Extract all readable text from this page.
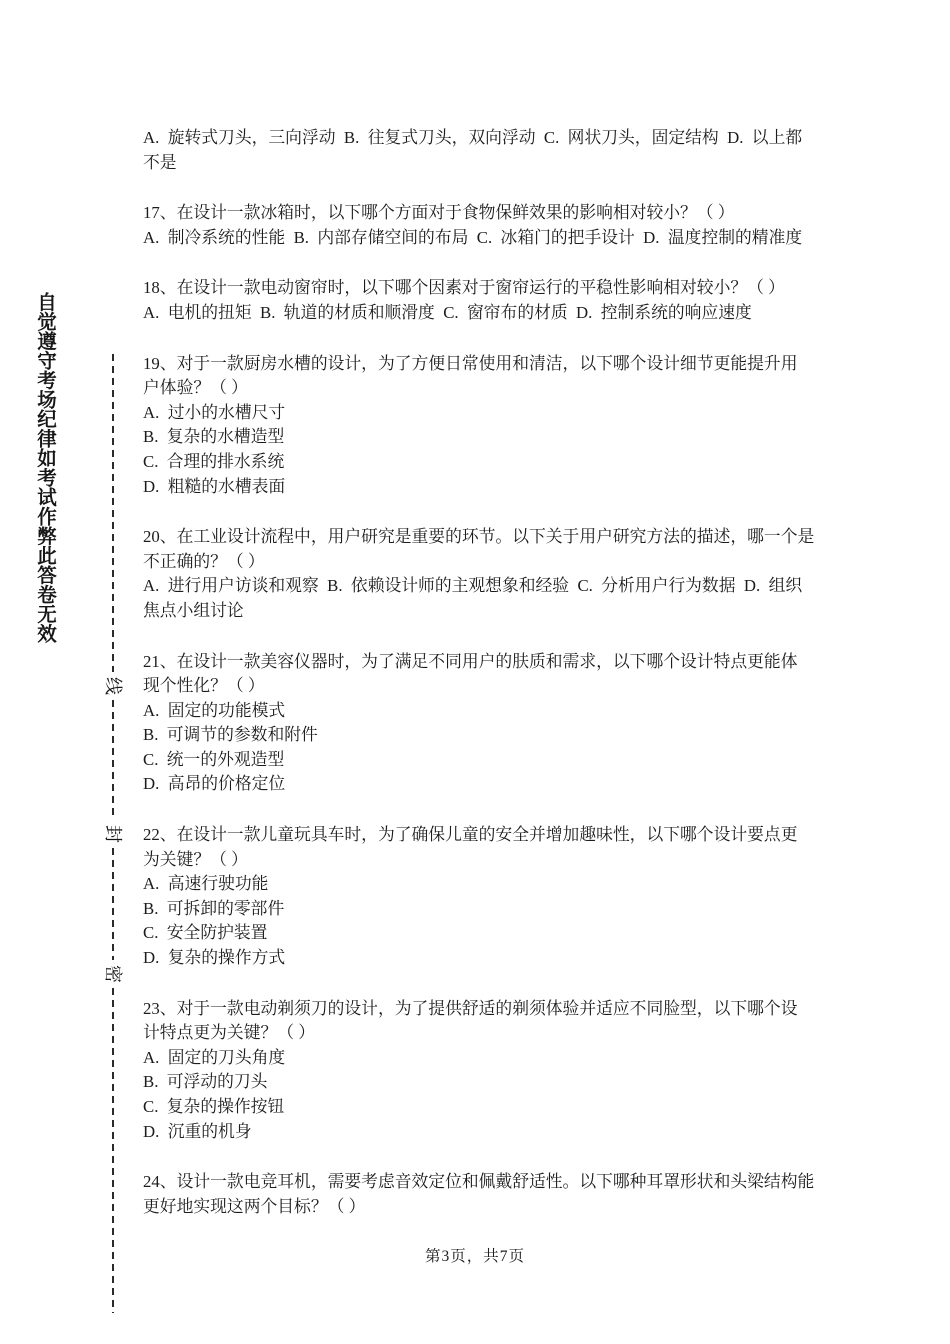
自觉遵守考场纪律如考试作弊此答卷无效
线
封
密
A.  旋转式刀头，三向浮动  B.  往复式刀头，双向浮动  C.  网状刀头，固定结构  D.  以上都
不是
17、在设计一款冰箱时，以下哪个方面对于食物保鲜效果的影响相对较小？（ ）
A.  制冷系统的性能  B.  内部存储空间的布局  C.  冰箱门的把手设计  D.  温度控制的精准度
18、在设计一款电动窗帘时，以下哪个因素对于窗帘运行的平稳性影响相对较小？（ ）
A.  电机的扭矩  B.  轨道的材质和顺滑度  C.  窗帘布的材质  D.  控制系统的响应速度
19、对于一款厨房水槽的设计，为了方便日常使用和清洁，以下哪个设计细节更能提升用
户体验？（ ）
A.  过小的水槽尺寸
B.  复杂的水槽造型
C.  合理的排水系统
D.  粗糙的水槽表面
20、在工业设计流程中，用户研究是重要的环节。以下关于用户研究方法的描述，哪一个是
不正确的？（ ）
A.  进行用户访谈和观察  B.  依赖设计师的主观想象和经验  C.  分析用户行为数据  D.  组织
焦点小组讨论
21、在设计一款美容仪器时，为了满足不同用户的肤质和需求，以下哪个设计特点更能体
现个性化？（ ）
A.  固定的功能模式
B.  可调节的参数和附件
C.  统一的外观造型
D.  高昂的价格定位
22、在设计一款儿童玩具车时，为了确保儿童的安全并增加趣味性，以下哪个设计要点更
为关键？（ ）
A.  高速行驶功能
B.  可拆卸的零部件
C.  安全防护装置
D.  复杂的操作方式
23、对于一款电动剃须刀的设计，为了提供舒适的剃须体验并适应不同脸型，以下哪个设
计特点更为关键？（ ）
A.  固定的刀头角度
B.  可浮动的刀头
C.  复杂的操作按钮
D.  沉重的机身
24、设计一款电竞耳机，需要考虑音效定位和佩戴舒适性。以下哪种耳罩形状和头梁结构能
更好地实现这两个目标？（ ）
第3页，共7页
